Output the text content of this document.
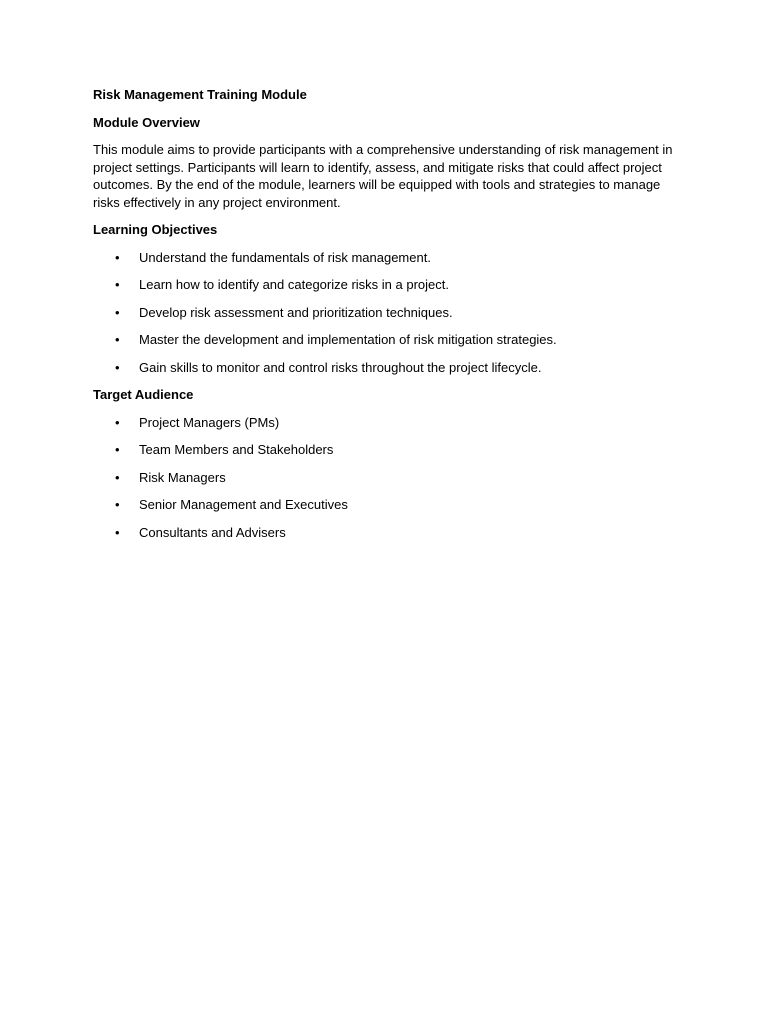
Risk Management Training Module

Module Overview

This module aims to provide participants with a comprehensive understanding of risk management in project settings. Participants will learn to identify, assess, and mitigate risks that could affect project outcomes. By the end of the module, learners will be equipped with tools and strategies to manage risks effectively in any project environment.

Learning Objectives

• Understand the fundamentals of risk management.
• Learn how to identify and categorize risks in a project.
• Develop risk assessment and prioritization techniques.
• Master the development and implementation of risk mitigation strategies.
• Gain skills to monitor and control risks throughout the project lifecycle.

Target Audience

• Project Managers (PMs)
• Team Members and Stakeholders
• Risk Managers
• Senior Management and Executives
• Consultants and Advisers
